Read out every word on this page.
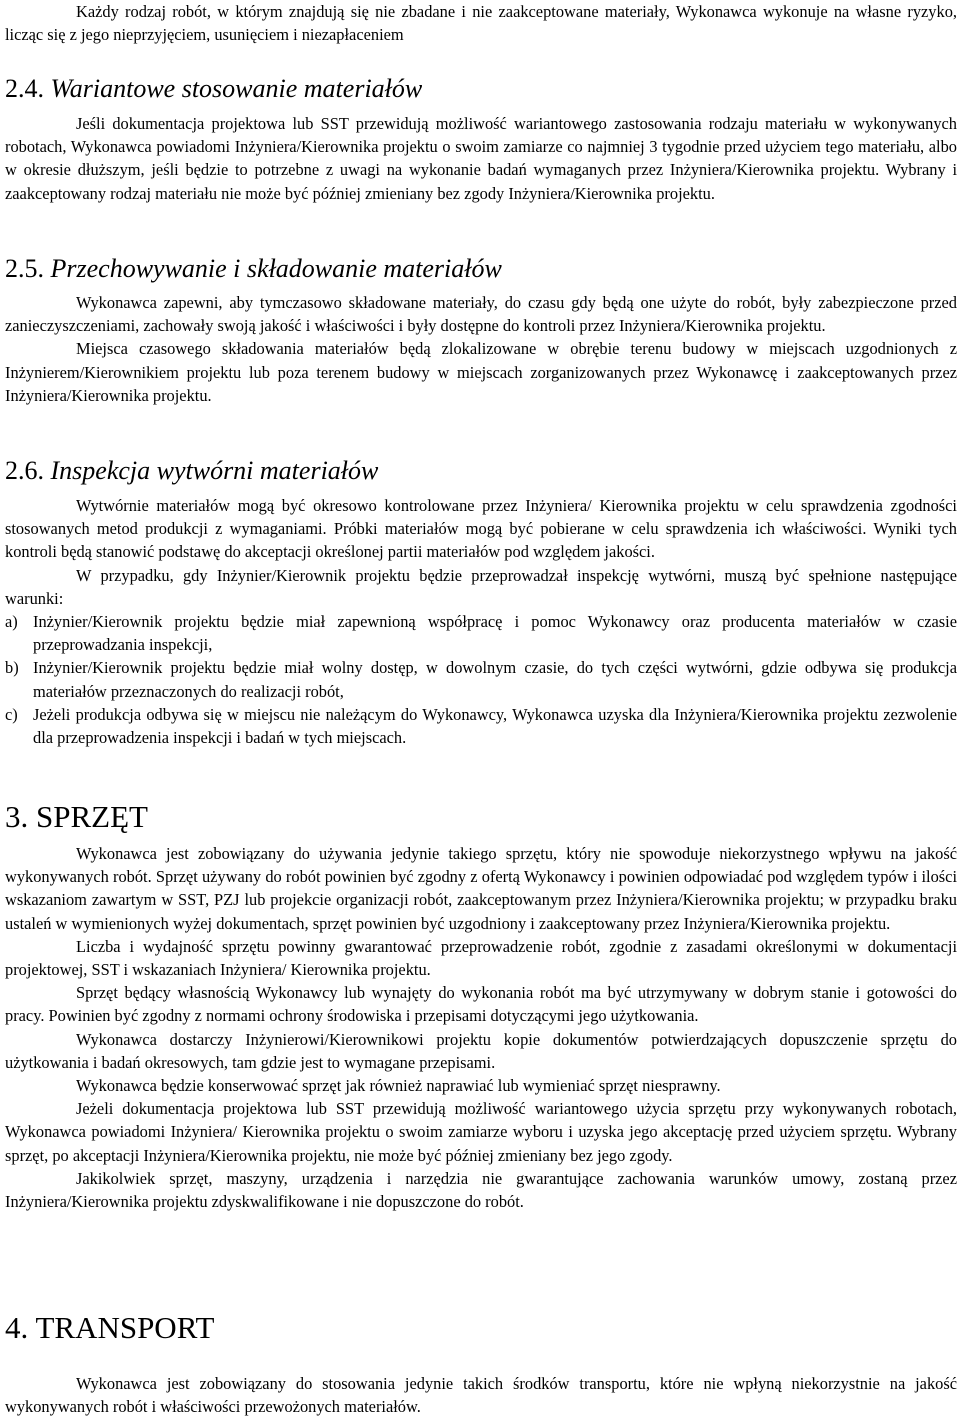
Każdy rodzaj robót, w którym znajdują się nie zbadane i nie zaakceptowane materiały, Wykonawca wykonuje na własne ryzyko, licząc się z jego nieprzyjęciem, usunięciem i niezapłaceniem

2.4. Wariantowe stosowanie materiałów

Jeśli dokumentacja projektowa lub SST przewidują możliwość wariantowego zastosowania rodzaju materiału w wykonywanych robotach, Wykonawca powiadomi Inżyniera/Kierownika projektu o swoim zamiarze co najmniej 3 tygodnie przed użyciem tego materiału, albo w okresie dłuższym, jeśli będzie to potrzebne z uwagi na wykonanie badań wymaganych przez Inżyniera/Kierownika projektu. Wybrany i zaakceptowany rodzaj materiału nie może być później zmieniany bez zgody Inżyniera/Kierownika projektu.

2.5. Przechowywanie i składowanie materiałów

Wykonawca zapewni, aby tymczasowo składowane materiały, do czasu gdy będą one użyte do robót, były zabezpieczone przed zanieczyszczeniami, zachowały swoją jakość i właściwości i były dostępne do kontroli przez Inżyniera/Kierownika projektu.

Miejsca czasowego składowania materiałów będą zlokalizowane w obrębie terenu budowy w miejscach uzgodnionych z Inżynierem/Kierownikiem projektu lub poza terenem budowy w miejscach zorganizowanych przez Wykonawcę i zaakceptowanych przez Inżyniera/Kierownika projektu.

2.6. Inspekcja wytwórni materiałów

Wytwórnie materiałów mogą być okresowo kontrolowane przez Inżyniera/ Kierownika projektu w celu sprawdzenia zgodności stosowanych metod produkcji z wymaganiami. Próbki materiałów mogą być pobierane w celu sprawdzenia ich właściwości. Wyniki tych kontroli będą stanowić podstawę do akceptacji określonej partii materiałów pod względem jakości.

W przypadku, gdy Inżynier/Kierownik projektu będzie przeprowadzał inspekcję wytwórni, muszą być spełnione następujące warunki:

a) Inżynier/Kierownik projektu będzie miał zapewnioną współpracę i pomoc Wykonawcy oraz producenta materiałów w czasie przeprowadzania inspekcji,
b) Inżynier/Kierownik projektu będzie miał wolny dostęp, w dowolnym czasie, do tych części wytwórni, gdzie odbywa się produkcja materiałów przeznaczonych do realizacji robót,
c) Jeżeli produkcja odbywa się w miejscu nie należącym do Wykonawcy, Wykonawca uzyska dla Inżyniera/Kierownika projektu zezwolenie dla przeprowadzenia inspekcji i badań w tych miejscach.
3. SPRZĘT

Wykonawca jest zobowiązany do używania jedynie takiego sprzętu, który nie spowoduje niekorzystnego wpływu na jakość wykonywanych robót. Sprzęt używany do robót powinien być zgodny z ofertą Wykonawcy i powinien odpowiadać pod względem typów i ilości wskazaniom zawartym w SST, PZJ lub projekcie organizacji robót, zaakceptowanym przez Inżyniera/Kierownika projektu; w przypadku braku ustaleń w wymienionych wyżej dokumentach, sprzęt powinien być uzgodniony i zaakceptowany przez Inżyniera/Kierownika projektu.

Liczba i wydajność sprzętu powinny gwarantować przeprowadzenie robót, zgodnie z zasadami określonymi w dokumentacji projektowej, SST i wskazaniach Inżyniera/ Kierownika projektu.

Sprzęt będący własnością Wykonawcy lub wynajęty do wykonania robót ma być utrzymywany w dobrym stanie i gotowości do pracy. Powinien być zgodny z normami ochrony środowiska i przepisami dotyczącymi jego użytkowania.

Wykonawca dostarczy Inżynierowi/Kierownikowi projektu kopie dokumentów potwierdzających dopuszczenie sprzętu do użytkowania i badań okresowych, tam gdzie jest to wymagane przepisami.

Wykonawca będzie konserwować sprzęt jak również naprawiać lub wymieniać sprzęt niesprawny.

Jeżeli dokumentacja projektowa lub SST przewidują możliwość wariantowego użycia sprzętu przy wykonywanych robotach, Wykonawca powiadomi Inżyniera/ Kierownika projektu o swoim zamiarze wyboru i uzyska jego akceptację przed użyciem sprzętu. Wybrany sprzęt, po akceptacji Inżyniera/Kierownika projektu, nie może być później zmieniany bez jego zgody.

Jakikolwiek sprzęt, maszyny, urządzenia i narzędzia nie gwarantujące zachowania warunków umowy, zostaną przez Inżyniera/Kierownika projektu zdyskwalifikowane i nie dopuszczone do robót.

4. TRANSPORT

Wykonawca jest zobowiązany do stosowania jedynie takich środków transportu, które nie wpłyną niekorzystnie na jakość wykonywanych robót i właściwości przewożonych materiałów.
